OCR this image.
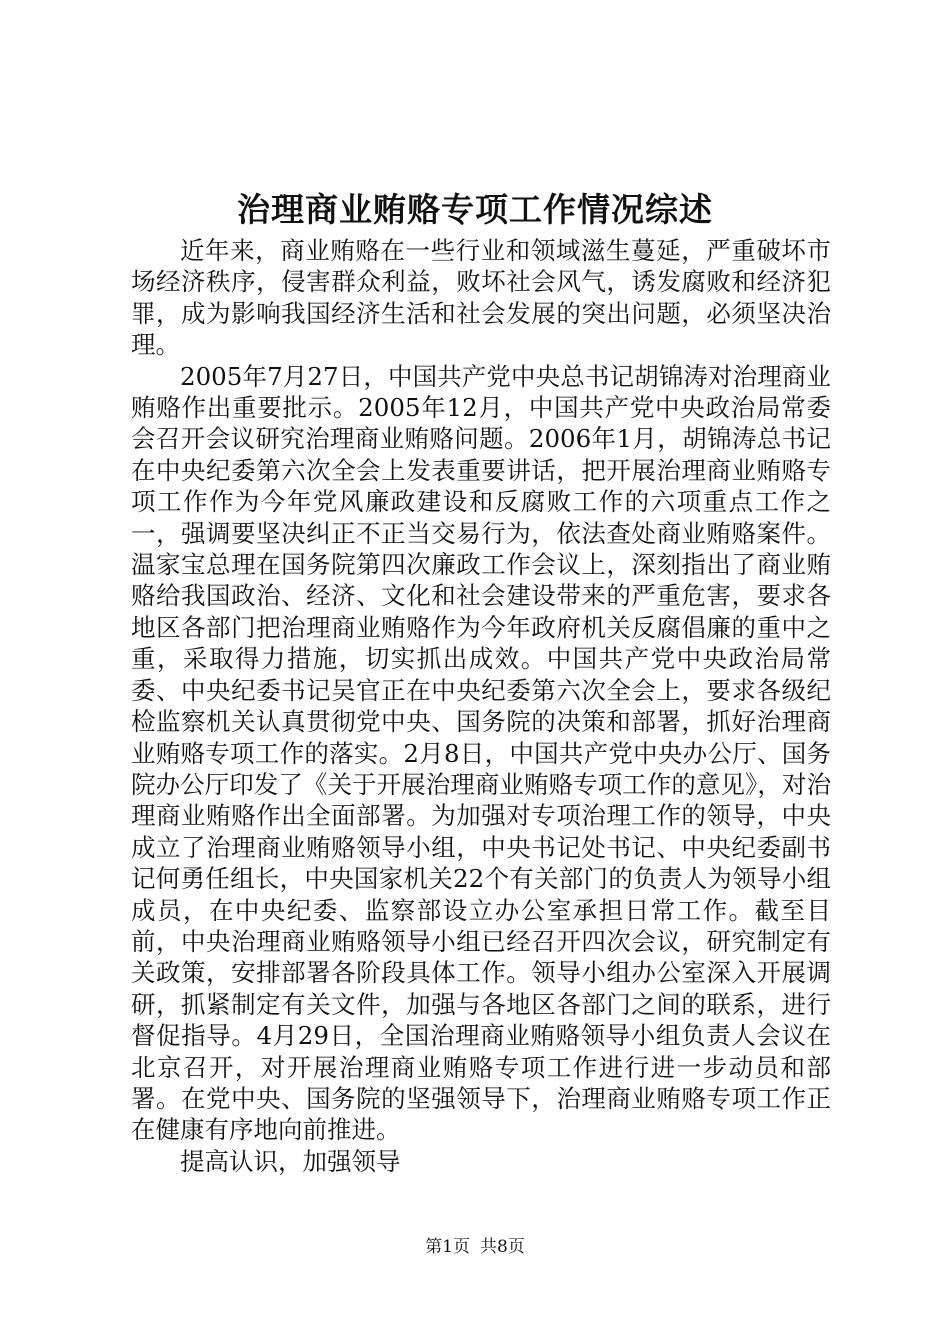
治理商业贿赂专项工作情况综述

近年来，商业贿赂在一些行业和领域滋生蔓延，严重破坏市场经济秩序，侵害群众利益，败坏社会风气，诱发腐败和经济犯罪，成为影响我国经济生活和社会发展的突出问题，必须坚决治理。

2005年7月27日，中国共产党中央总书记胡锦涛对治理商业贿赂作出重要批示。2005年12月，中国共产党中央政治局常委会召开会议研究治理商业贿赂问题。2006年1月，胡锦涛总书记在中央纪委第六次全会上发表重要讲话，把开展治理商业贿赂专项工作作为今年党风廉政建设和反腐败工作的六项重点工作之一，强调要坚决纠正不正当交易行为，依法查处商业贿赂案件。温家宝总理在国务院第四次廉政工作会议上，深刻指出了商业贿赂给我国政治、经济、文化和社会建设带来的严重危害，要求各地区各部门把治理商业贿赂作为今年政府机关反腐倡廉的重中之重，采取得力措施，切实抓出成效。中国共产党中央政治局常委、中央纪委书记吴官正在中央纪委第六次全会上，要求各级纪检监察机关认真贯彻党中央、国务院的决策和部署，抓好治理商业贿赂专项工作的落实。2月8日，中国共产党中央办公厅、国务院办公厅印发了《关于开展治理商业贿赂专项工作的意见》，对治理商业贿赂作出全面部署。为加强对专项治理工作的领导，中央成立了治理商业贿赂领导小组，中央书记处书记、中央纪委副书记何勇任组长，中央国家机关22个有关部门的负责人为领导小组成员，在中央纪委、监察部设立办公室承担日常工作。截至目前，中央治理商业贿赂领导小组已经召开四次会议，研究制定有关政策，安排部署各阶段具体工作。领导小组办公室深入开展调研，抓紧制定有关文件，加强与各地区各部门之间的联系，进行督促指导。4月29日，全国治理商业贿赂领导小组负责人会议在北京召开，对开展治理商业贿赂专项工作进行进一步动员和部署。在党中央、国务院的坚强领导下，治理商业贿赂专项工作正在健康有序地向前推进。

提高认识，加强领导

第1页 共8页
